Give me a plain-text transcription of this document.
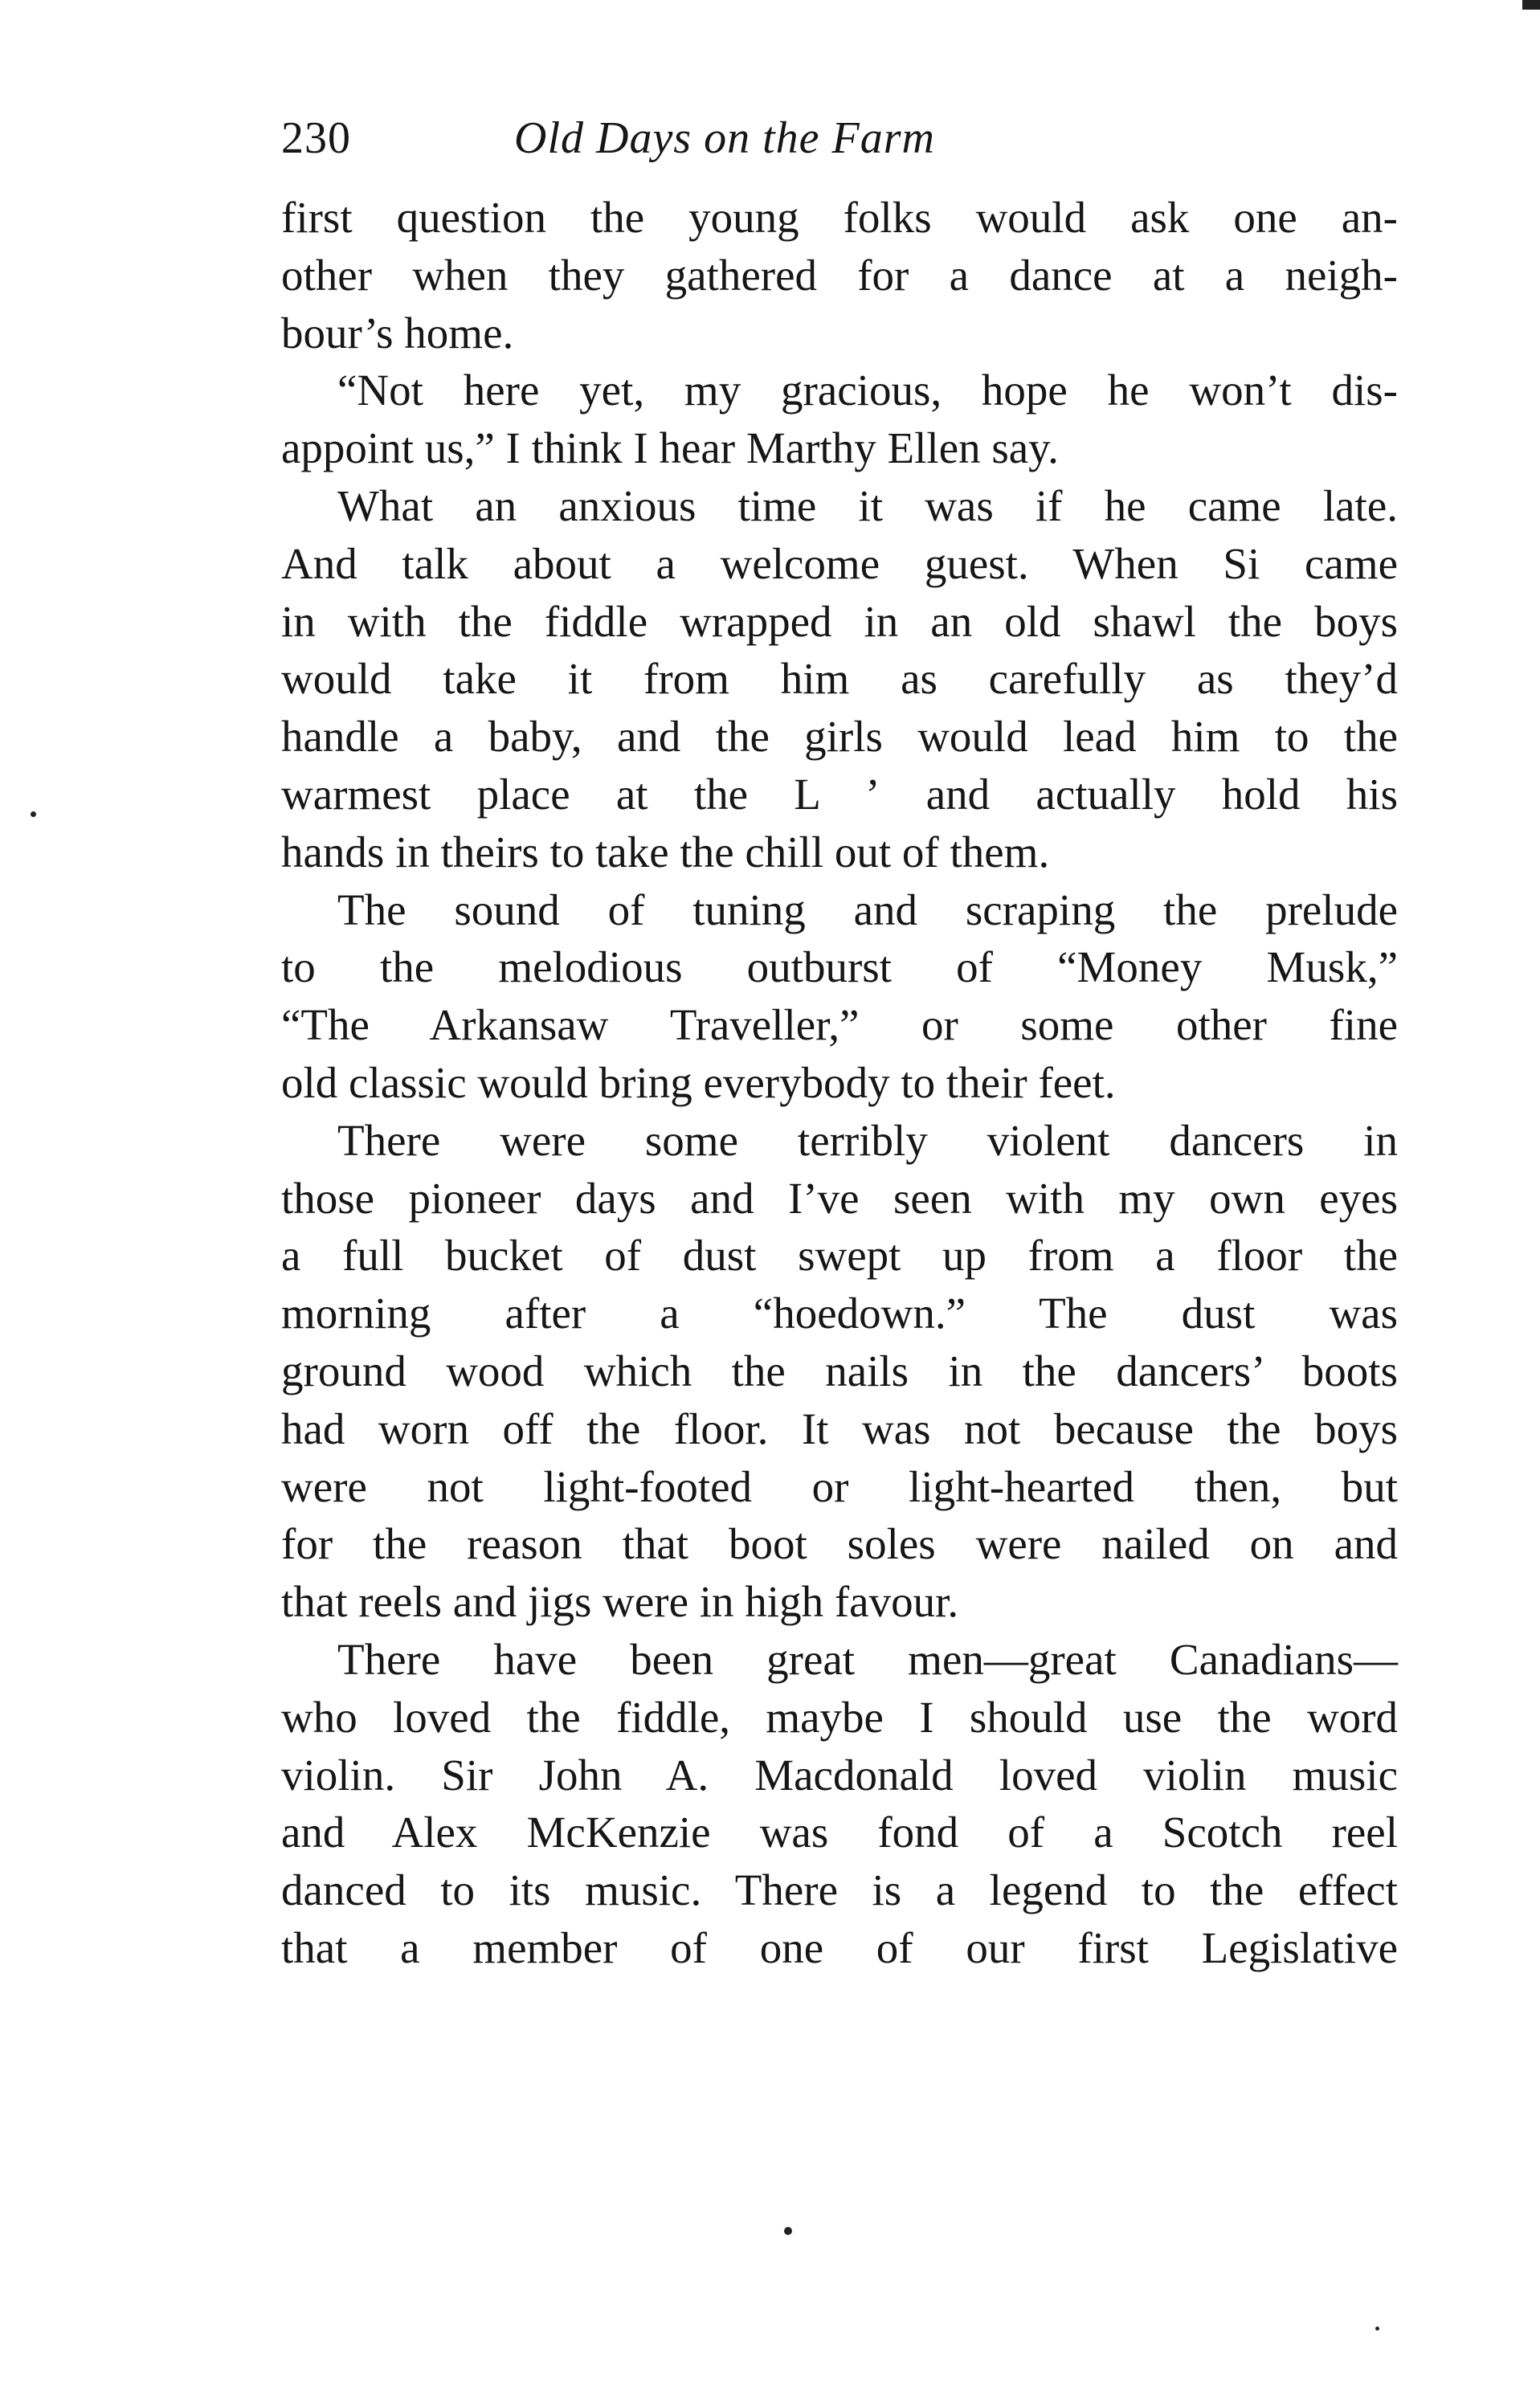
230	Old Days on the Farm
first question the young folks would ask one an-
other when they gathered for a dance at a neigh-
bour’s home.
“Not here yet, my gracious, hope he won’t dis-
appoint us,” I think I hear Marthy Ellen say.
What an anxious time it was if he came late.
And talk about a welcome guest. When Si came
in with the fiddle wrapped in an old shawl the boys
would take it from him as carefully as they’d
handle a baby, and the girls would lead him to the
warmest place at the L ʼ and actually hold his
hands in theirs to take the chill out of them.
The sound of tuning and scraping the prelude
to the melodious outburst of “Money Musk,”
“The Arkansaw Traveller,” or some other fine
old classic would bring everybody to their feet.
There were some terribly violent dancers in
those pioneer days and I’ve seen with my own eyes
a full bucket of dust swept up from a floor the
morning after a “hoedown.” The dust was
ground wood which the nails in the dancers’ boots
had worn off the floor. It was not because the boys
were not light-footed or light-hearted then, but
for the reason that boot soles were nailed on and
that reels and jigs were in high favour.
There have been great men—great Canadians—
who loved the fiddle, maybe I should use the word
violin. Sir John A. Macdonald loved violin music
and Alex McKenzie was fond of a Scotch reel
danced to its music. There is a legend to the effect
that a member of one of our first Legislative
